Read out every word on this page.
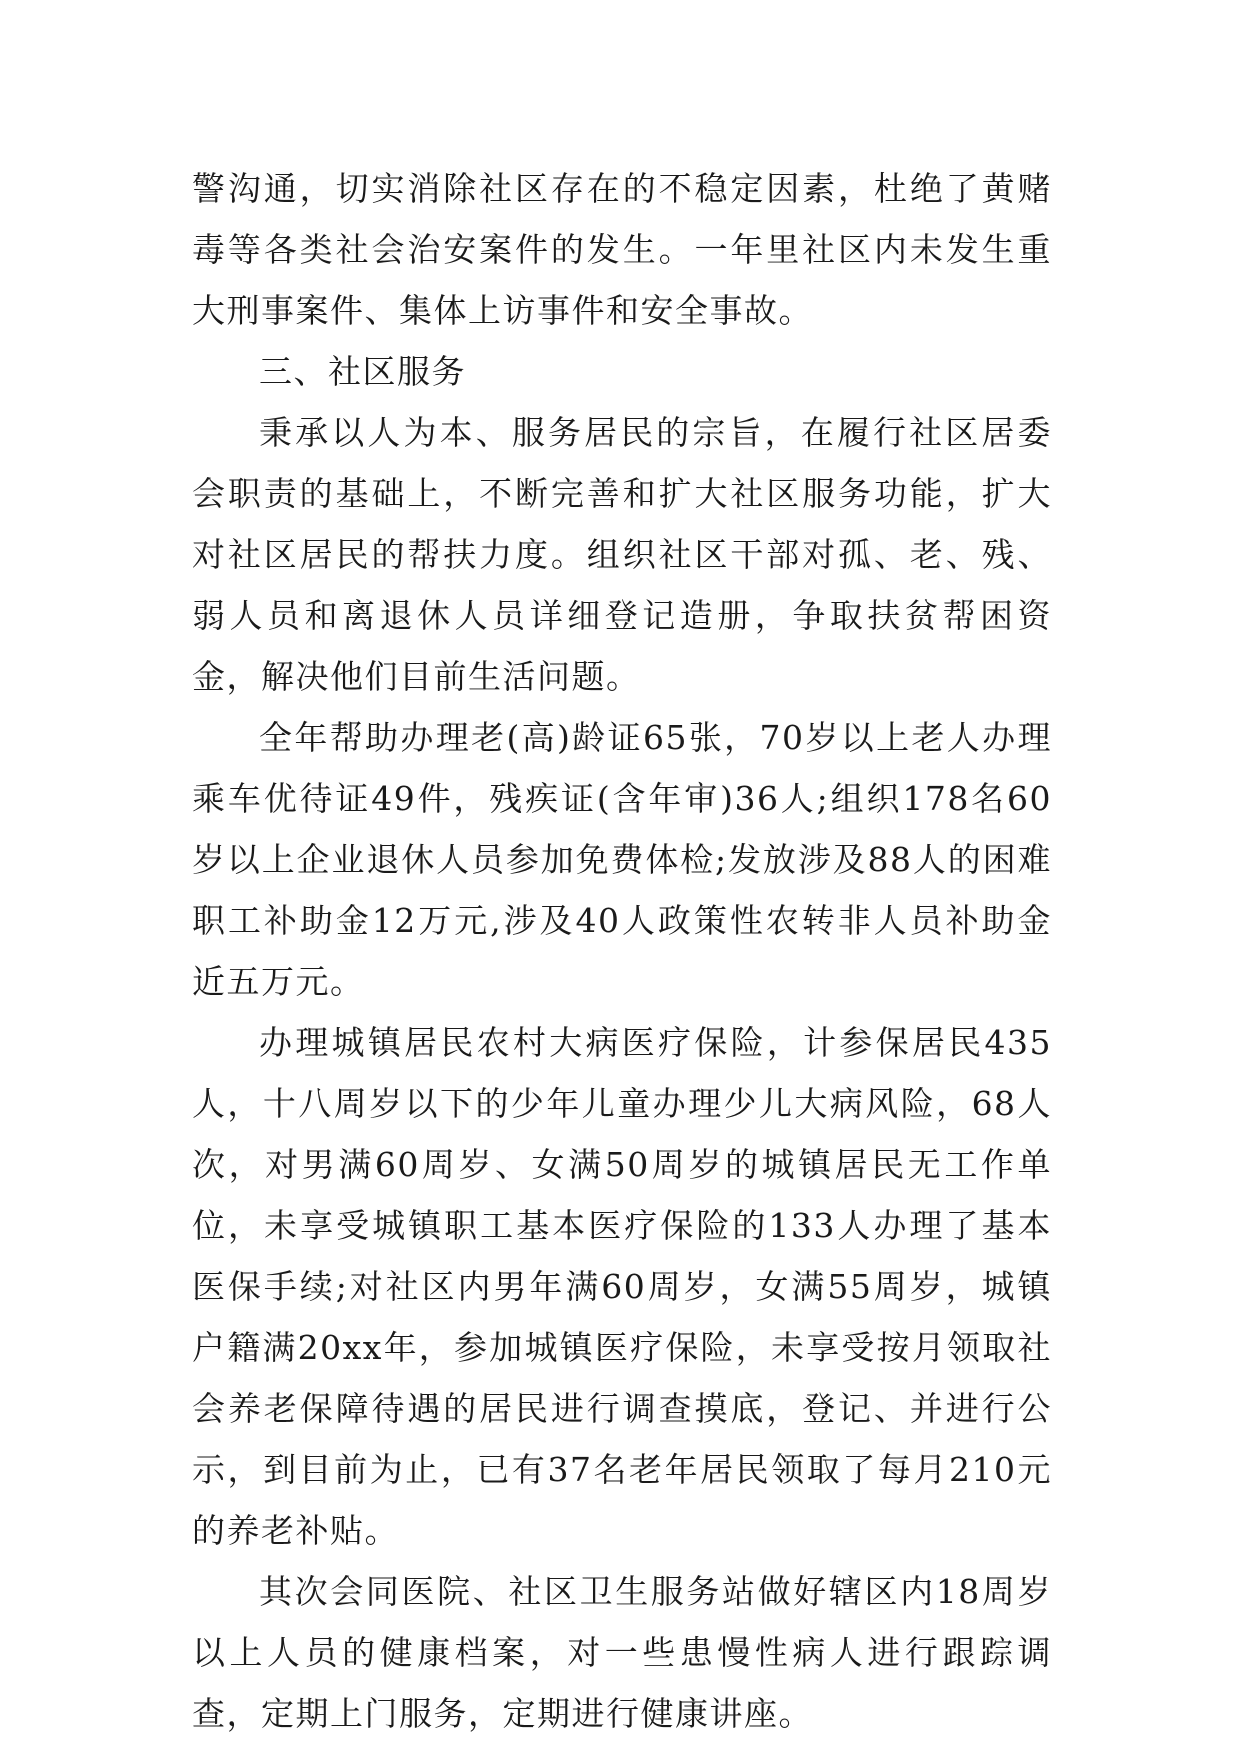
警沟通，切实消除社区存在的不稳定因素，杜绝了黄赌毒等各类社会治安案件的发生。一年里社区内未发生重大刑事案件、集体上访事件和安全事故。

三、社区服务

秉承以人为本、服务居民的宗旨，在履行社区居委会职责的基础上，不断完善和扩大社区服务功能，扩大对社区居民的帮扶力度。组织社区干部对孤、老、残、弱人员和离退休人员详细登记造册，争取扶贫帮困资金，解决他们目前生活问题。

全年帮助办理老(高)龄证65张，70岁以上老人办理乘车优待证49件，残疾证(含年审)36人;组织178名60岁以上企业退休人员参加免费体检;发放涉及88人的困难职工补助金12万元,涉及40人政策性农转非人员补助金近五万元。

办理城镇居民农村大病医疗保险，计参保居民435人，十八周岁以下的少年儿童办理少儿大病风险，68人次，对男满60周岁、女满50周岁的城镇居民无工作单位，未享受城镇职工基本医疗保险的133人办理了基本医保手续;对社区内男年满60周岁，女满55周岁，城镇户籍满20xx年，参加城镇医疗保险，未享受按月领取社会养老保障待遇的居民进行调查摸底，登记、并进行公示，到目前为止，已有37名老年居民领取了每月210元的养老补贴。

其次会同医院、社区卫生服务站做好辖区内18周岁以上人员的健康档案，对一些患慢性病人进行跟踪调查，定期上门服务，定期进行健康讲座。
